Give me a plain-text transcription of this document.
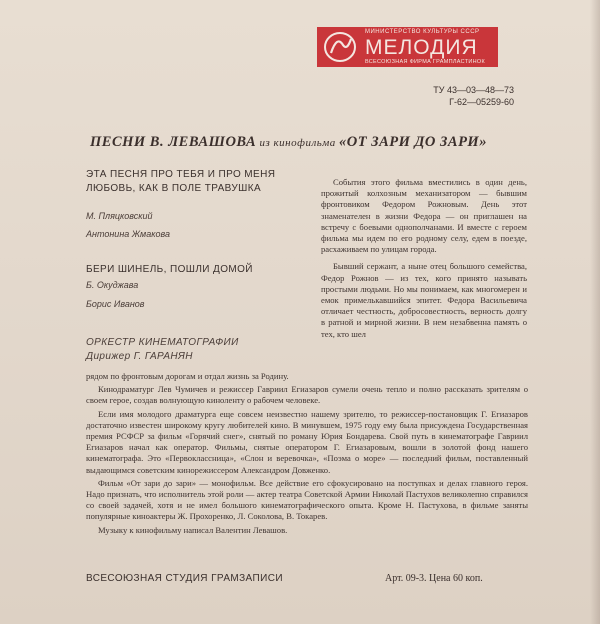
МИНИСТЕРСТВО КУЛЬТУРЫ СССР
МЕЛОДИЯ
ВСЕСОЮЗНАЯ ФИРМА ГРАМПЛАСТИНОК
ТУ 43—03—48—73
Г-62—05259-60
ПЕСНИ В. ЛЕВАШОВА из кинофильма «ОТ ЗАРИ ДО ЗАРИ»
ЭТА ПЕСНЯ ПРО ТЕБЯ И ПРО МЕНЯ
ЛЮБОВЬ, КАК В ПОЛЕ ТРАВУШКА
М. Пляцковский
Антонина Жмакова
БЕРИ ШИНЕЛЬ, ПОШЛИ ДОМОЙ
Б. Окуджава
Борис Иванов
ОРКЕСТР КИНЕМАТОГРАФИИ
Дирижер Г. ГАРАНЯН

События этого фильма вместились в один день, прожитый колхозным механизатором — бывшим фронтовиком Федором Рожновым. День этот знаменателен в жизни Федора — он приглашен на встречу с боевыми однополчанами. И вместе с героем фильма мы идем по его родному селу, едем в поезде, расхаживаем по улицам города.

Бывший сержант, а ныне отец большого семейства, Федор Рожнов — из тех, кого принято называть простыми людьми. Но мы понимаем, как многомерен и емок примелькавшийся эпитет. Федора Васильевича отличает честность, добросовестность, верность долгу в ратной и мирной жизни. В нем незабвенна память о тех, кто шел

рядом по фронтовым дорогам и отдал жизнь за Родину.

Кинодраматург Лев Чумичев и режиссер Гавриил Егиазаров сумели очень тепло и полно рассказать зрителям о своем герое, создав волнующую киноленту о рабочем человеке.

Если имя молодого драматурга еще совсем неизвестно нашему зрителю, то режиссер-постановщик Г. Егиазаров достаточно известен широкому кругу любителей кино. В минувшем, 1975 году ему была присуждена Государственная премия РСФСР за фильм «Горячий снег», снятый по роману Юрия Бондарева. Свой путь в кинематографе Гавриил Егиазаров начал как оператор. Фильмы, снятые оператором Г. Егиазаровым, вошли в золотой фонд нашего кинематографа. Это «Первоклассница», «Слон и веревочка», «Поэма о море» — последний фильм, поставленный выдающимся советским кинорежиссером Александром Довженко.

Фильм «От зари до зари» — монофильм. Все действие его сфокусировано на поступках и делах главного героя. Надо признать, что исполнитель этой роли — актер театра Советской Армии Николай Пастухов великолепно справился со своей задачей, хотя и не имел большого кинематографического опыта. Кроме Н. Пастухова, в фильме заняты популярные киноактеры Ж. Прохоренко, Л. Соколова, В. Токарев.

Музыку к кинофильму написал Валентин Левашов.

ВСЕСОЮЗНАЯ СТУДИЯ ГРАМЗАПИСИ	Арт. 09-3. Цена 60 коп.
